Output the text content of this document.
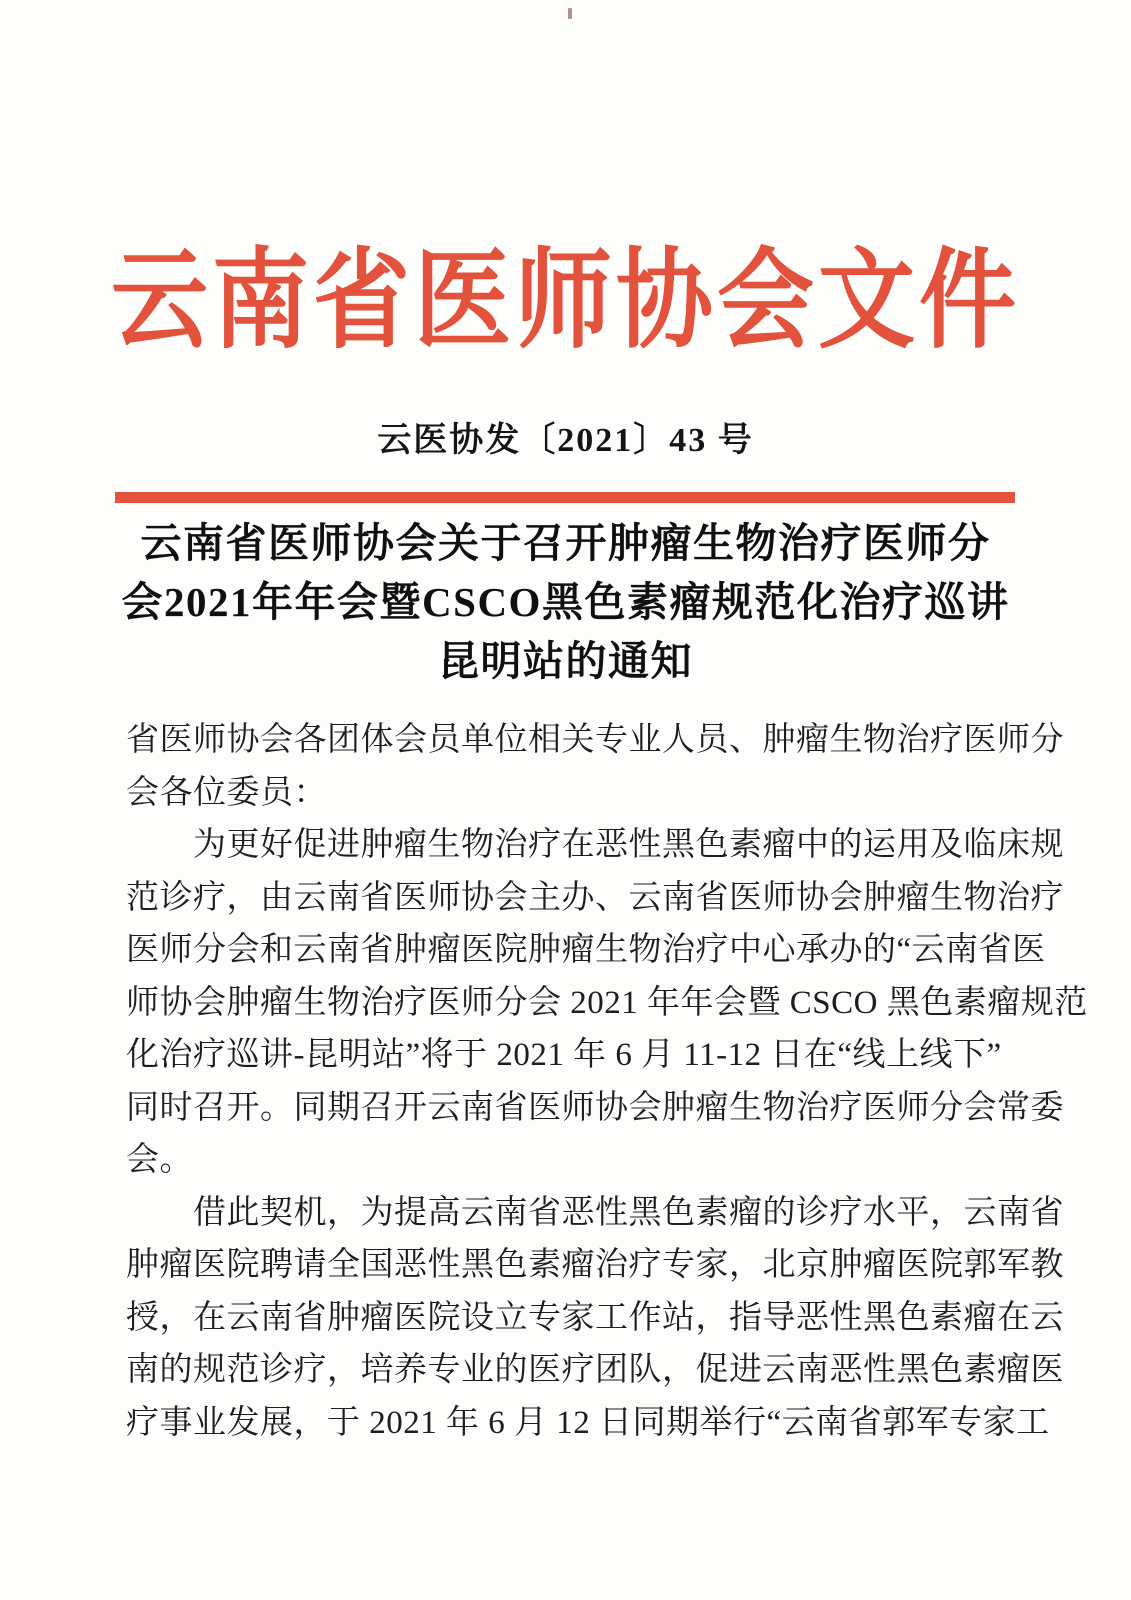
云南省医师协会文件
云医协发〔2021〕43 号
云南省医师协会关于召开肿瘤生物治疗医师分
会2021年年会暨CSCO黑色素瘤规范化治疗巡讲
昆明站的通知
省医师协会各团体会员单位相关专业人员、肿瘤生物治疗医师分
会各位委员：
　　为更好促进肿瘤生物治疗在恶性黑色素瘤中的运用及临床规
范诊疗，由云南省医师协会主办、云南省医师协会肿瘤生物治疗
医师分会和云南省肿瘤医院肿瘤生物治疗中心承办的“云南省医
师协会肿瘤生物治疗医师分会 2021 年年会暨 CSCO 黑色素瘤规范
化治疗巡讲-昆明站”将于 2021 年 6 月 11-12 日在“线上线下”
同时召开。同期召开云南省医师协会肿瘤生物治疗医师分会常委
会。
　　借此契机，为提高云南省恶性黑色素瘤的诊疗水平，云南省
肿瘤医院聘请全国恶性黑色素瘤治疗专家，北京肿瘤医院郭军教
授，在云南省肿瘤医院设立专家工作站，指导恶性黑色素瘤在云
南的规范诊疗，培养专业的医疗团队，促进云南恶性黑色素瘤医
疗事业发展，于 2021 年 6 月 12 日同期举行“云南省郭军专家工
